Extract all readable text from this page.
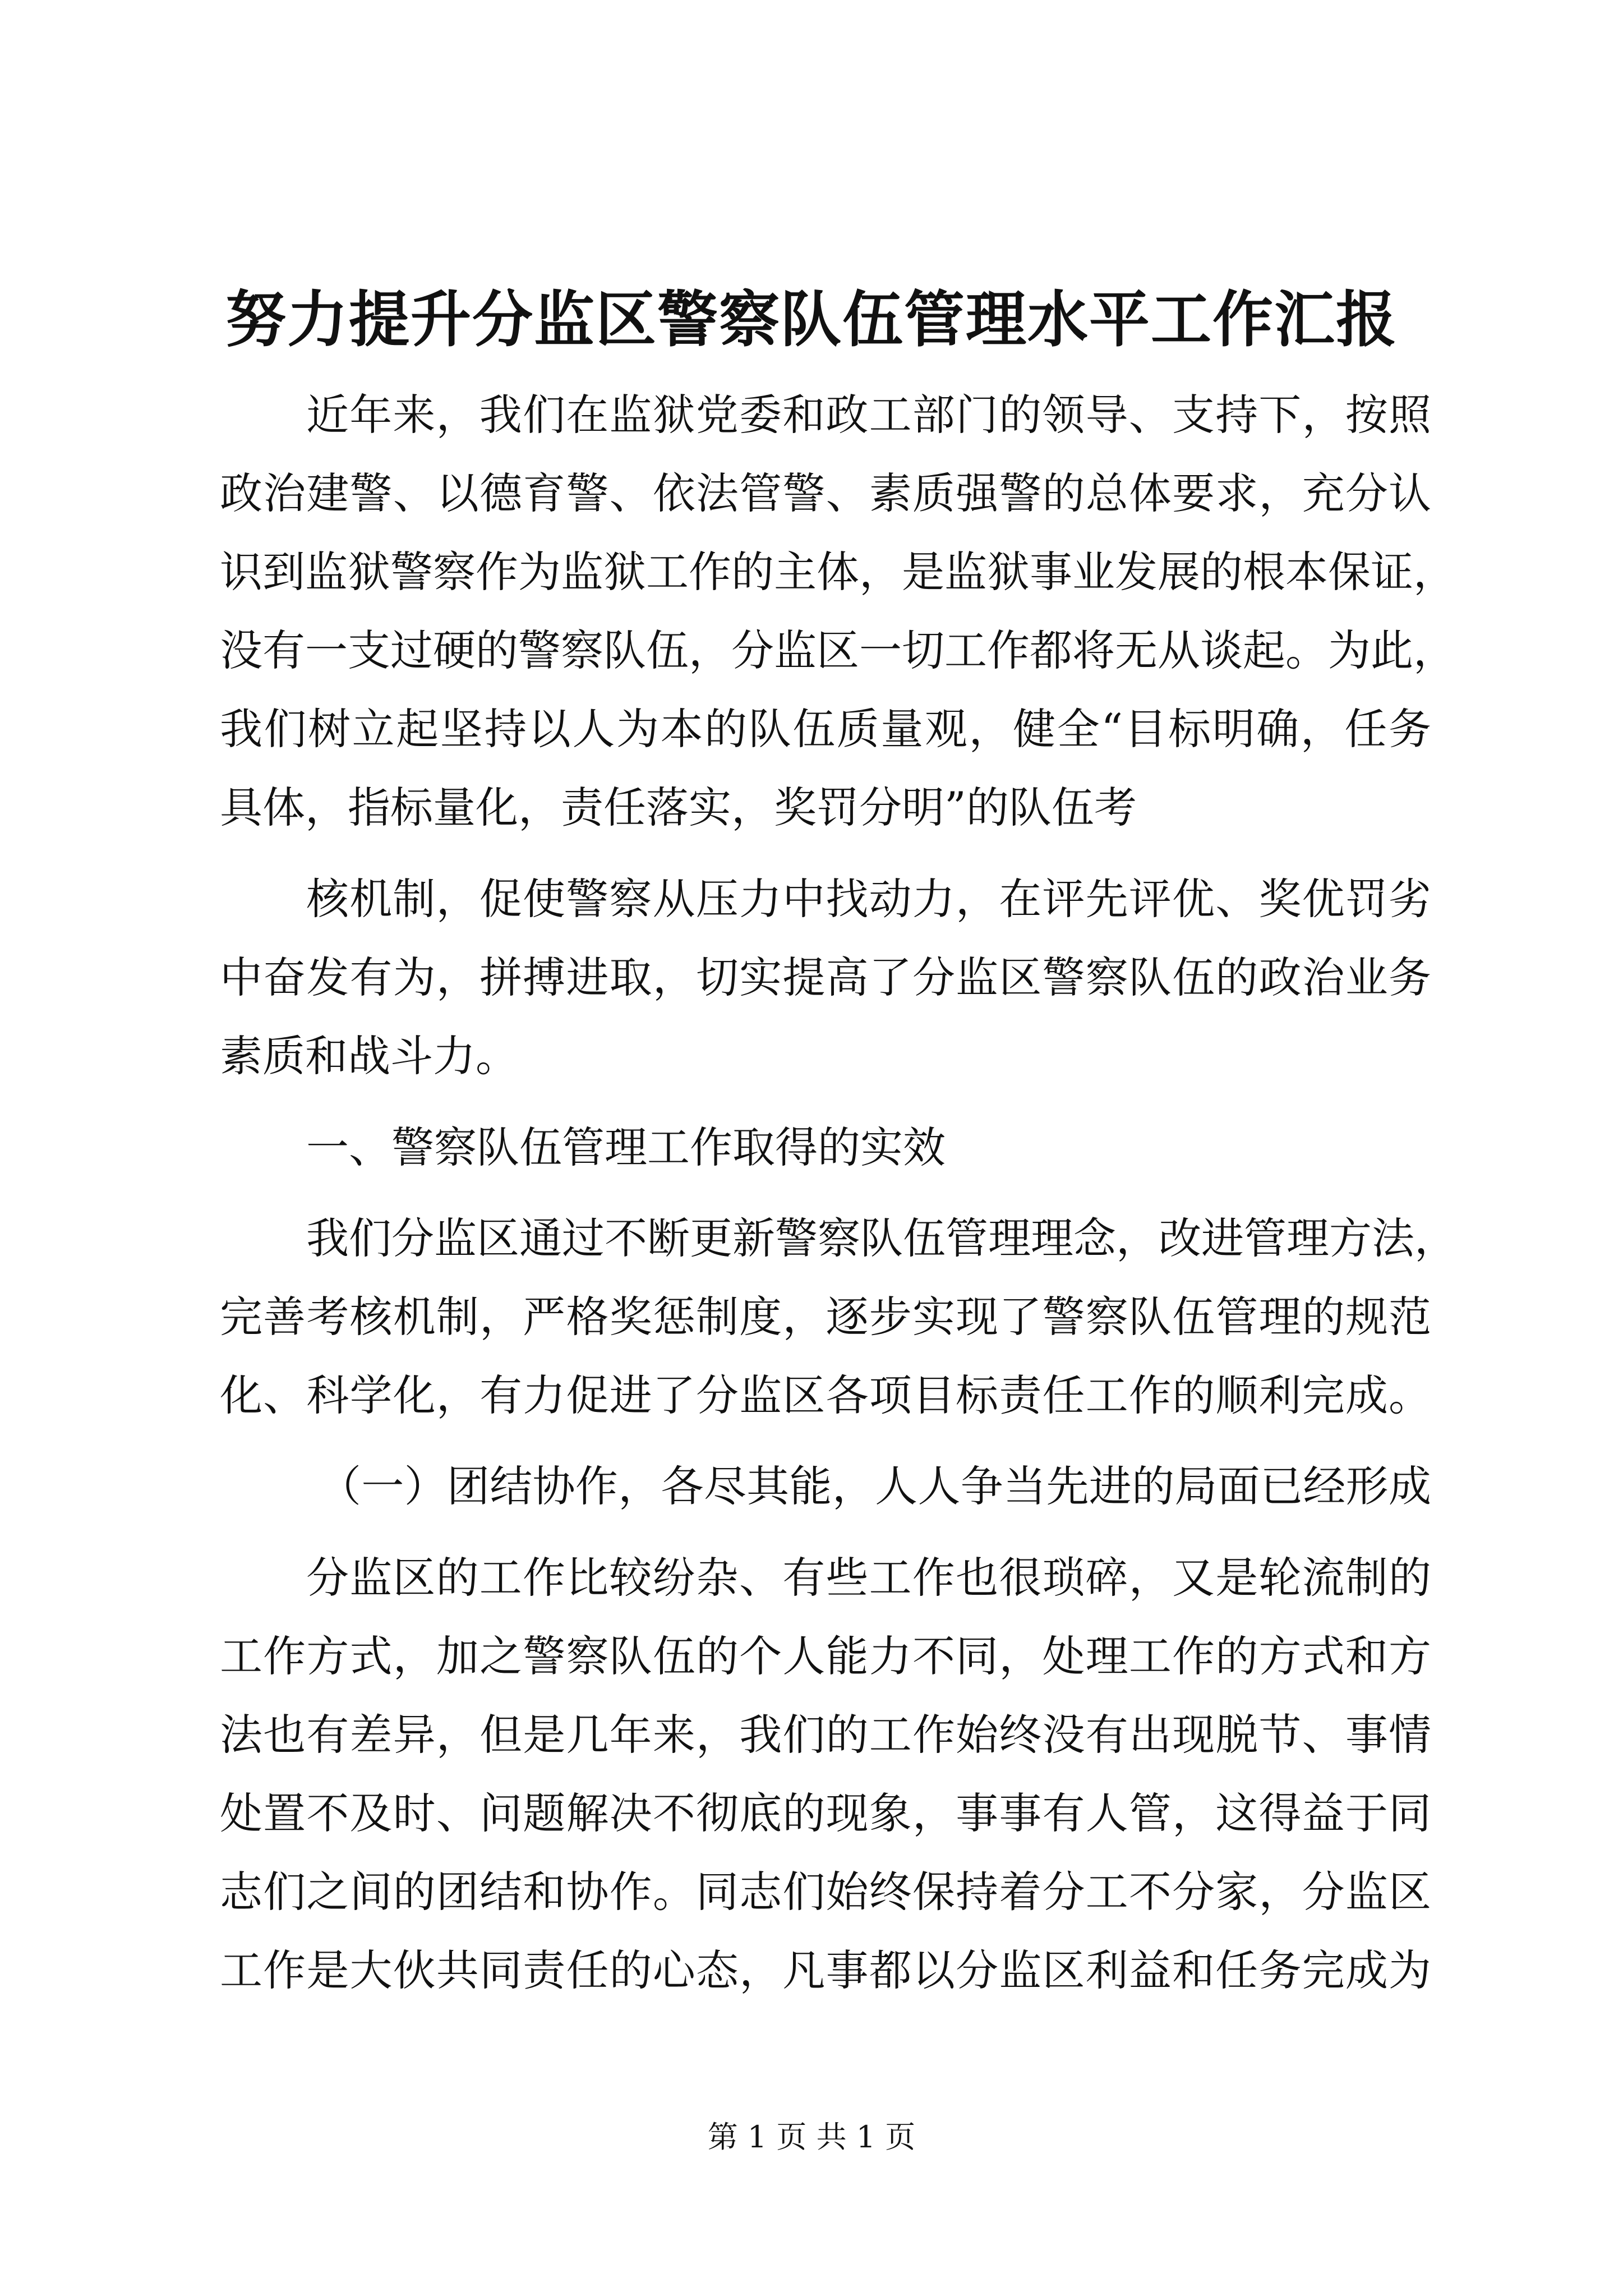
努力提升分监区警察队伍管理水平工作汇报
近年来，我们在监狱党委和政工部门的领导、支持下，按照
政治建警、以德育警、依法管警、素质强警的总体要求，充分认
识到监狱警察作为监狱工作的主体，是监狱事业发展的根本保证，
没有一支过硬的警察队伍，分监区一切工作都将无从谈起。为此，
我们树立起坚持以人为本的队伍质量观，健全“目标明确，任务
具体，指标量化，责任落实，奖罚分明”的队伍考
核机制，促使警察从压力中找动力，在评先评优、奖优罚劣
中奋发有为，拼搏进取，切实提高了分监区警察队伍的政治业务
素质和战斗力。
一、警察队伍管理工作取得的实效
我们分监区通过不断更新警察队伍管理理念，改进管理方法，
完善考核机制，严格奖惩制度，逐步实现了警察队伍管理的规范
化、科学化，有力促进了分监区各项目标责任工作的顺利完成。
（一）团结协作，各尽其能，人人争当先进的局面已经形成
分监区的工作比较纷杂、有些工作也很琐碎，又是轮流制的
工作方式，加之警察队伍的个人能力不同，处理工作的方式和方
法也有差异，但是几年来，我们的工作始终没有出现脱节、事情
处置不及时、问题解决不彻底的现象，事事有人管，这得益于同
志们之间的团结和协作。同志们始终保持着分工不分家，分监区
工作是大伙共同责任的心态，凡事都以分监区利益和任务完成为
第 1 页 共 1 页
